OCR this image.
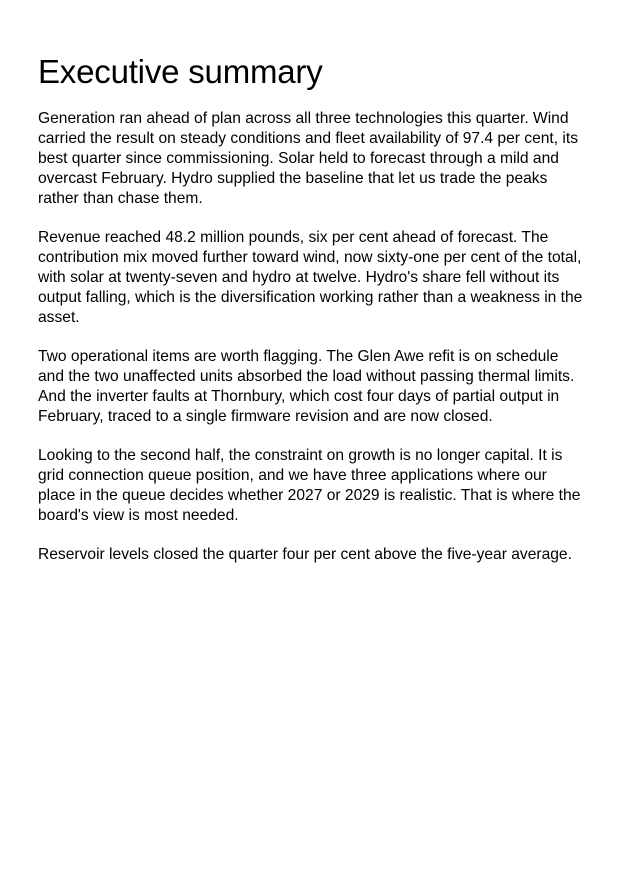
Executive summary

Generation ran ahead of plan across all three technologies this quarter. Wind carried the result on steady conditions and fleet availability of 97.4 per cent, its best quarter since commissioning. Solar held to forecast through a mild and overcast February. Hydro supplied the baseline that let us trade the peaks rather than chase them.

Revenue reached 48.2 million pounds, six per cent ahead of forecast. The contribution mix moved further toward wind, now sixty-one per cent of the total, with solar at twenty-seven and hydro at twelve. Hydro's share fell without its output falling, which is the diversification working rather than a weakness in the asset.

Two operational items are worth flagging. The Glen Awe refit is on schedule and the two unaffected units absorbed the load without passing thermal limits. And the inverter faults at Thornbury, which cost four days of partial output in February, traced to a single firmware revision and are now closed.

Looking to the second half, the constraint on growth is no longer capital. It is grid connection queue position, and we have three applications where our place in the queue decides whether 2027 or 2029 is realistic. That is where the board's view is most needed.

Reservoir levels closed the quarter four per cent above the five-year average.
